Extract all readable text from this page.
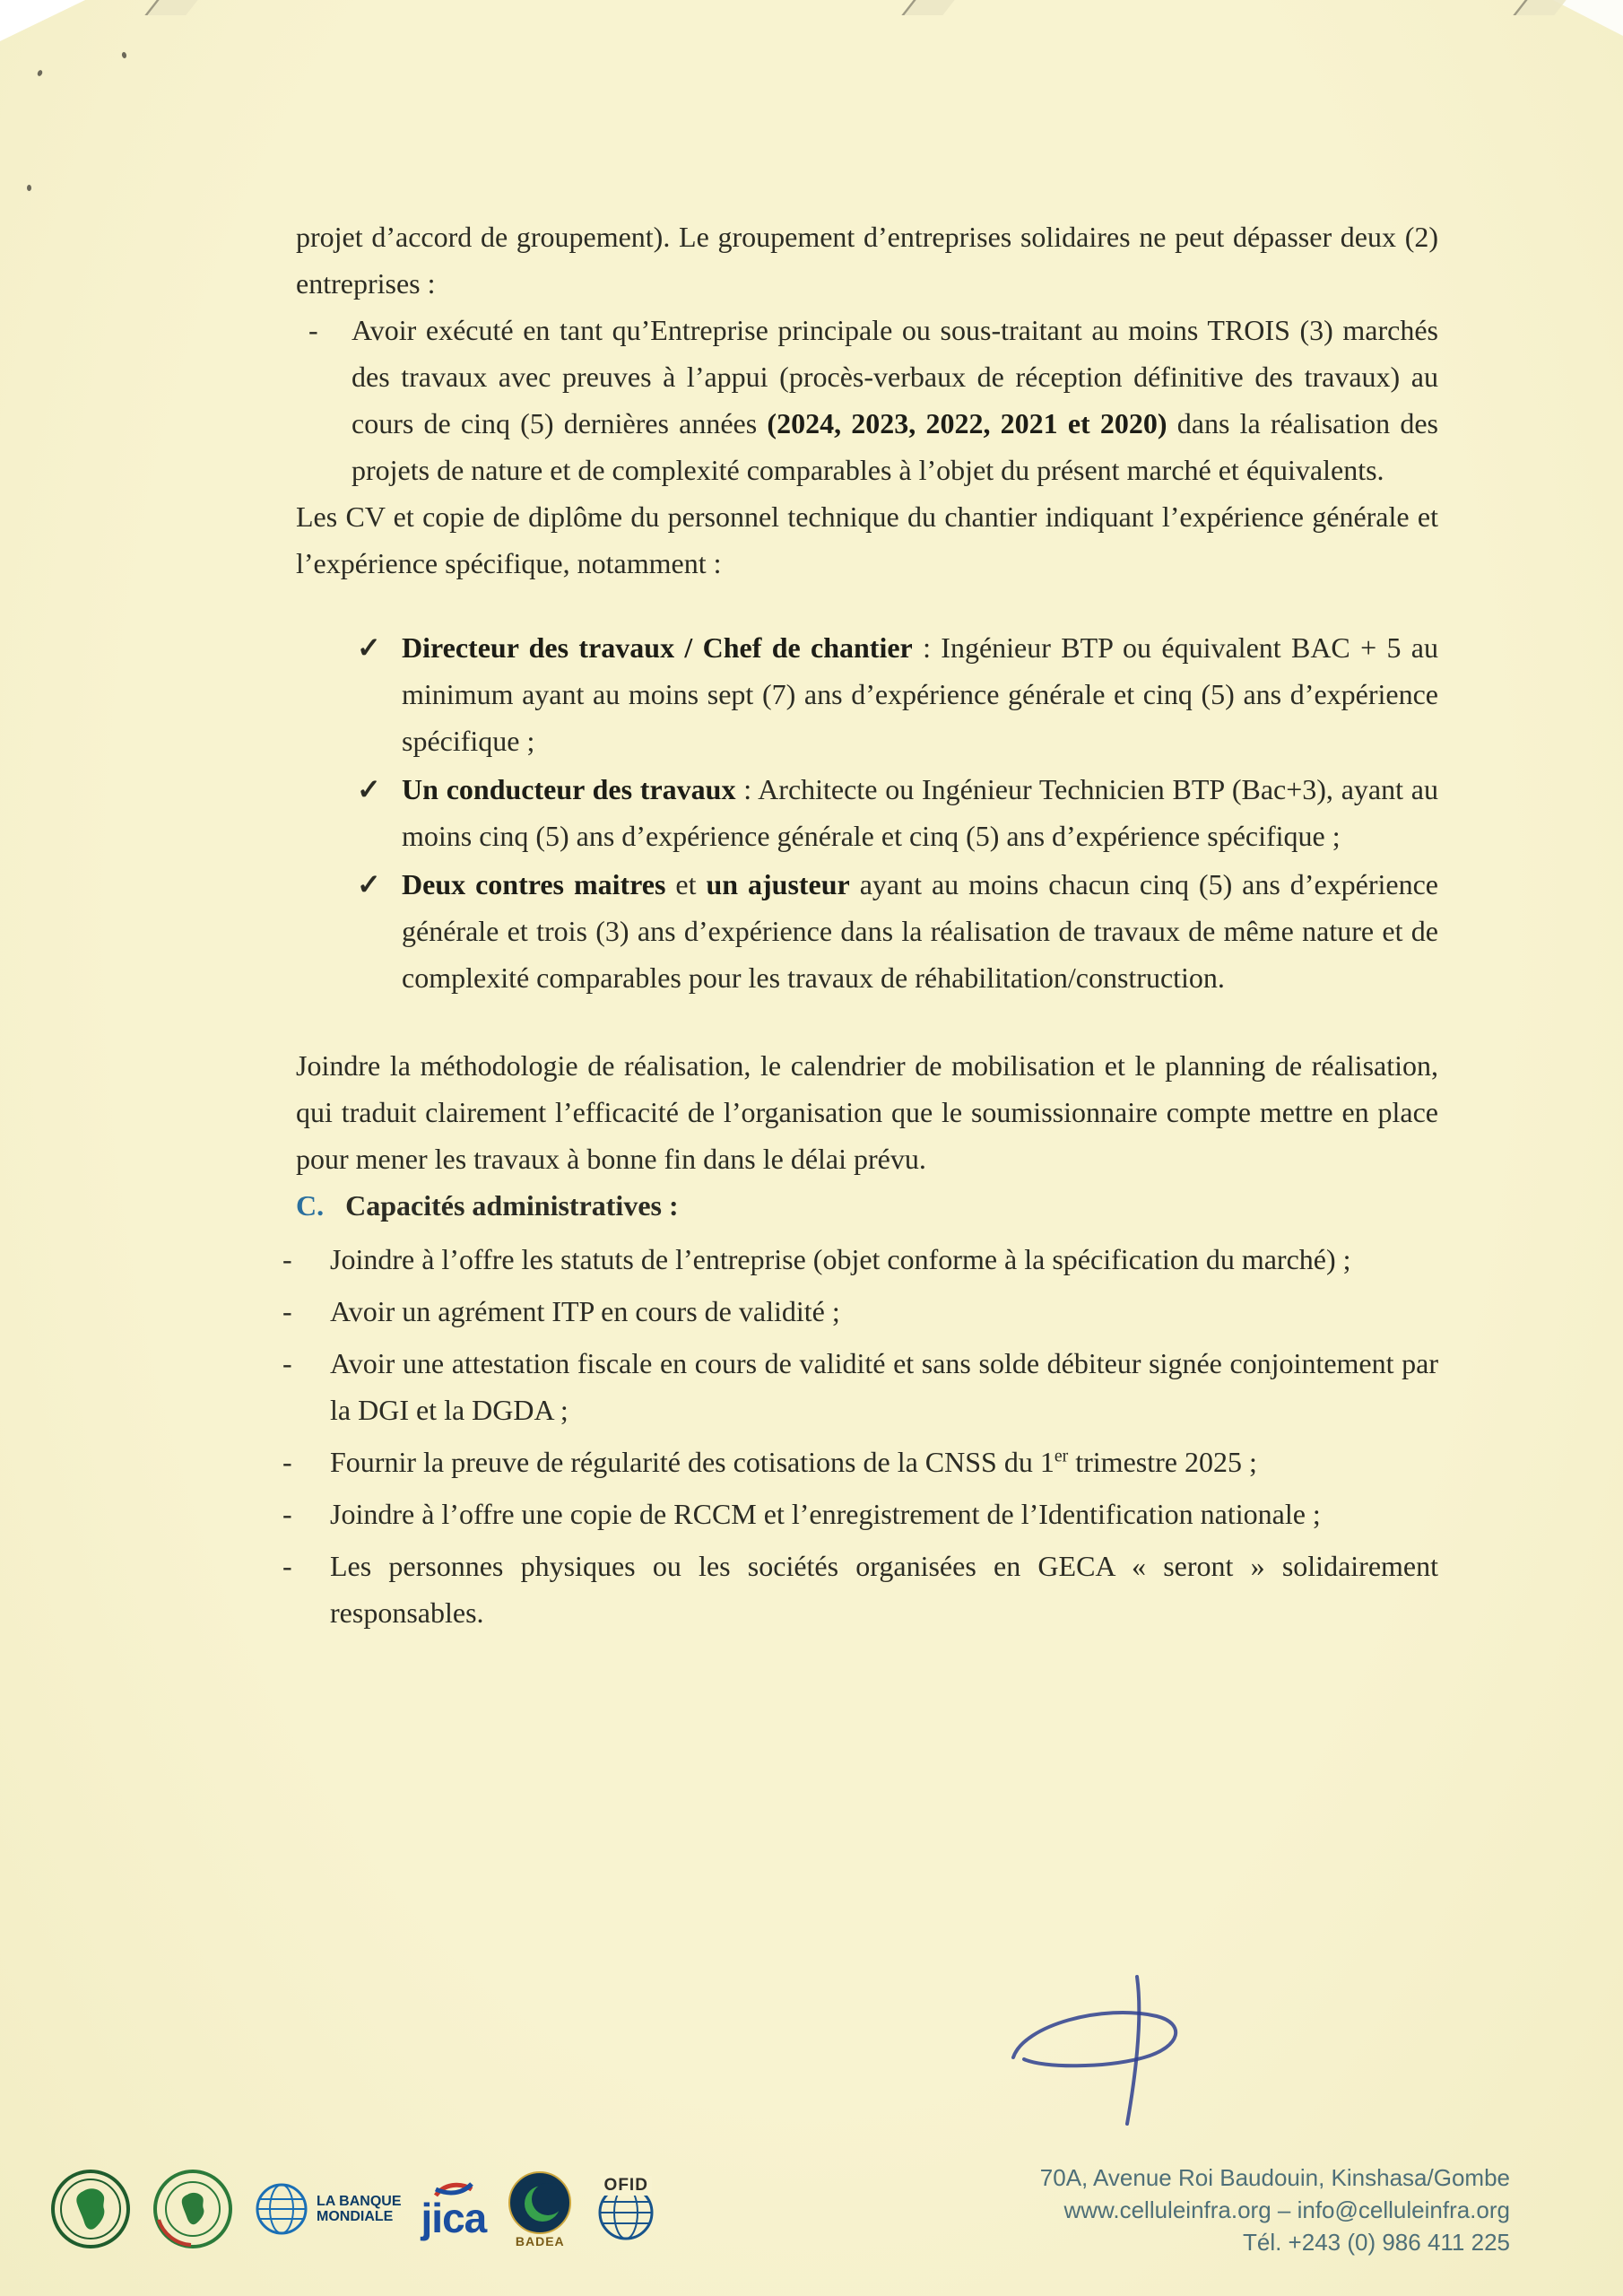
projet d’accord de groupement). Le groupement d’entreprises solidaires ne peut dépasser deux (2) entreprises :

- Avoir exécuté en tant qu’Entreprise principale ou sous-traitant au moins TROIS (3) marchés des travaux avec preuves à l’appui (procès-verbaux de réception définitive des travaux) au cours de cinq (5) dernières années (2024, 2023, 2022, 2021 et 2020) dans la réalisation des projets de nature et de complexité comparables à l’objet du présent marché et équivalents.

Les CV et copie de diplôme du personnel technique du chantier indiquant l’expérience générale et l’expérience spécifique, notamment :

✓ Directeur des travaux / Chef de chantier : Ingénieur BTP ou équivalent BAC + 5 au minimum ayant au moins sept (7) ans d’expérience générale et cinq (5) ans d’expérience spécifique ;

✓ Un conducteur des travaux : Architecte ou Ingénieur Technicien BTP (Bac+3), ayant au moins cinq (5) ans d’expérience générale et cinq (5) ans d’expérience spécifique ;

✓ Deux contres maitres et un ajusteur ayant au moins chacun cinq (5) ans d’expérience générale et trois (3) ans d’expérience dans la réalisation de travaux de même nature et de complexité comparables pour les travaux de réhabilitation/construction.

Joindre la méthodologie de réalisation, le calendrier de mobilisation et le planning de réalisation, qui traduit clairement l’efficacité de l’organisation que le soumissionnaire compte mettre en place pour mener les travaux à bonne fin dans le délai prévu.

C. Capacités administratives :

- Joindre à l’offre les statuts de l’entreprise (objet conforme à la spécification du marché) ;

- Avoir un agrément ITP en cours de validité ;

- Avoir une attestation fiscale en cours de validité et sans solde débiteur signée conjointement par la DGI et la DGDA ;

- Fournir la preuve de régularité des cotisations de la CNSS du 1er trimestre 2025 ;

- Joindre à l’offre une copie de RCCM et l’enregistrement de l’Identification nationale ;

- Les personnes physiques ou les sociétés organisées en GECA « seront » solidairement responsables.

70A, Avenue Roi Baudouin, Kinshasa/Gombe
www.celluleinfra.org – info@celluleinfra.org
Tél. +243 (0) 986 411 225
LA BANQUE
MONDIALE jica BADEA
OFID
